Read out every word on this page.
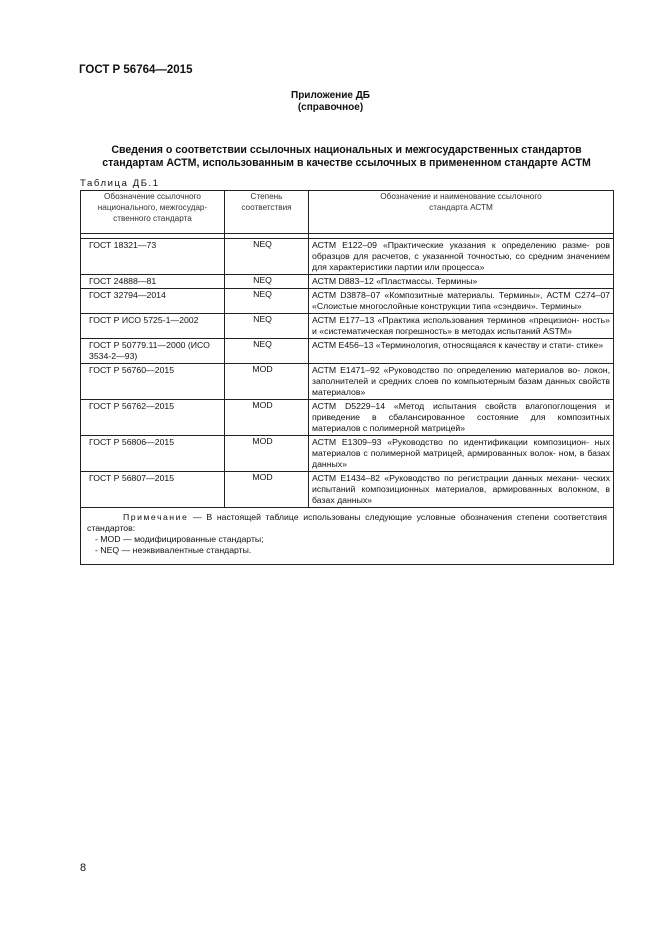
ГОСТ Р 56764—2015
Приложение ДБ
(справочное)
Сведения о соответствии ссылочных национальных и межгосударственных стандартов
стандартам АСТМ, использованным в качестве ссылочных в примененном стандарте АСТМ
Таблица ДБ.1
Обозначение ссылочного национального, межгосудар- ственного стандарта	Степень соответствия	Обозначение и наименование ссылочного стандарта АСТМ

ГОСТ 18321—73	NEQ	АСТМ Е122–09 «Практические указания к определению разме- ров образцов для расчетов, с указанной точностью, со средним значением для характеристики партии или процесса»
ГОСТ 24888—81	NEQ	АСТМ D883–12 «Пластмассы. Термины»
ГОСТ 32794—2014	NEQ	АСТМ D3878–07 «Композитные материалы. Термины», АСТМ C274–07 «Слоистые многослойные конструкции типа «сэндвич». Термины»
ГОСТ Р ИСО 5725-1—2002	NEQ	АСТМ Е177–13 «Практика использования терминов «прецизион- ность» и «систематическая погрешность» в методах испытаний ASTM»
ГОСТ Р 50779.11—2000 (ИСО 3534-2—93)	NEQ	АСТМ Е456–13 «Терминология, относящаяся к качеству и стати- стике»
ГОСТ Р 56760—2015	MOD	АСТМ Е1471–92 «Руководство по определению материалов во- локон, заполнителей и средних слоев по компьютерным базам данных свойств материалов»
ГОСТ Р 56762—2015	MOD	АСТМ D5229–14 «Метод испытания свойств влагопоглощения и приведение в сбалансированное состояние для композитных материалов с полимерной матрицей»
ГОСТ Р 56806—2015	MOD	АСТМ Е1309–93 «Руководство по идентификации композицион- ных материалов с полимерной матрицей, армированных волок- ном, в базах данных»
ГОСТ Р 56807—2015	MOD	АСТМ Е1434–82 «Руководство по регистрации данных механи- ческих испытаний композиционных материалов, армированных волокном, в базах данных»

Примечание — В настоящей таблице использованы следующие условные обозначения степени соответствия стандартов:
- MOD — модифицированные стандарты;
- NEQ — неэквивалентные стандарты.		
8
